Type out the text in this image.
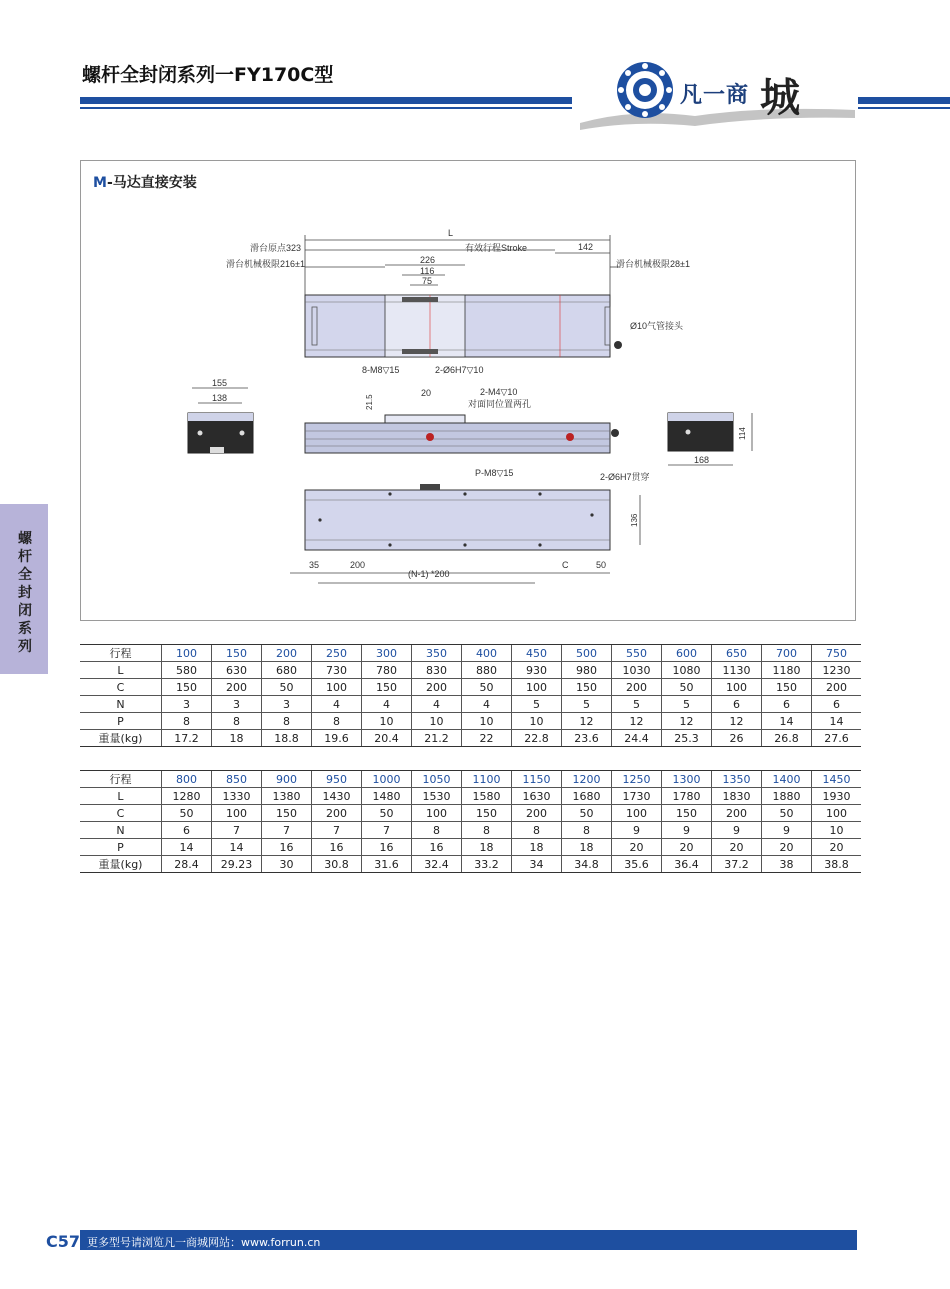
螺杆全封闭系列一FY170C型
凡一商 城
M-马达直接安装
L
滑台原点323	有效行程Stroke	142
滑台机械极限216±1	滑台机械极限28±1
226
116
75
Ø10气管接头
8-M8▽15	2-Ø6H7▽10
155
138	21.5
20	2-M4▽10
对面同位置两孔
114
168
P-M8▽15	2-Ø6H7贯穿
136
35	200	C	50
(N-1) *200
螺杆全封闭系列	行程	100	150	200	250	300	350	400	450	500	550	600	650	700	750
L	580	630	680	730	780	830	880	930	980	1030	1080	1130	1180	1230
C	150	200	50	100	150	200	50	100	150	200	50	100	150	200
N	3	3	3	4	4	4	4	5	5	5	5	6	6	6
P	8	8	8	8	10	10	10	10	12	12	12	12	14	14
重量(kg)	17.2	18	18.8	19.6	20.4	21.2	22	22.8	23.6	24.4	25.3	26	26.8	27.6
行程	800	850	900	950	1000	1050	1100	1150	1200	1250	1300	1350	1400	1450
L	1280	1330	1380	1430	1480	1530	1580	1630	1680	1730	1780	1830	1880	1930
C	50	100	150	200	50	100	150	200	50	100	150	200	50	100
N	6	7	7	7	7	8	8	8	8	9	9	9	9	10
P	14	14	16	16	16	16	18	18	18	20	20	20	20	20
重量(kg)	28.4	29.23	30	30.8	31.6	32.4	33.2	34	34.8	35.6	36.4	37.2	38	38.8
C57 更多型号请浏览凡一商城网站：www.forrun.cn
